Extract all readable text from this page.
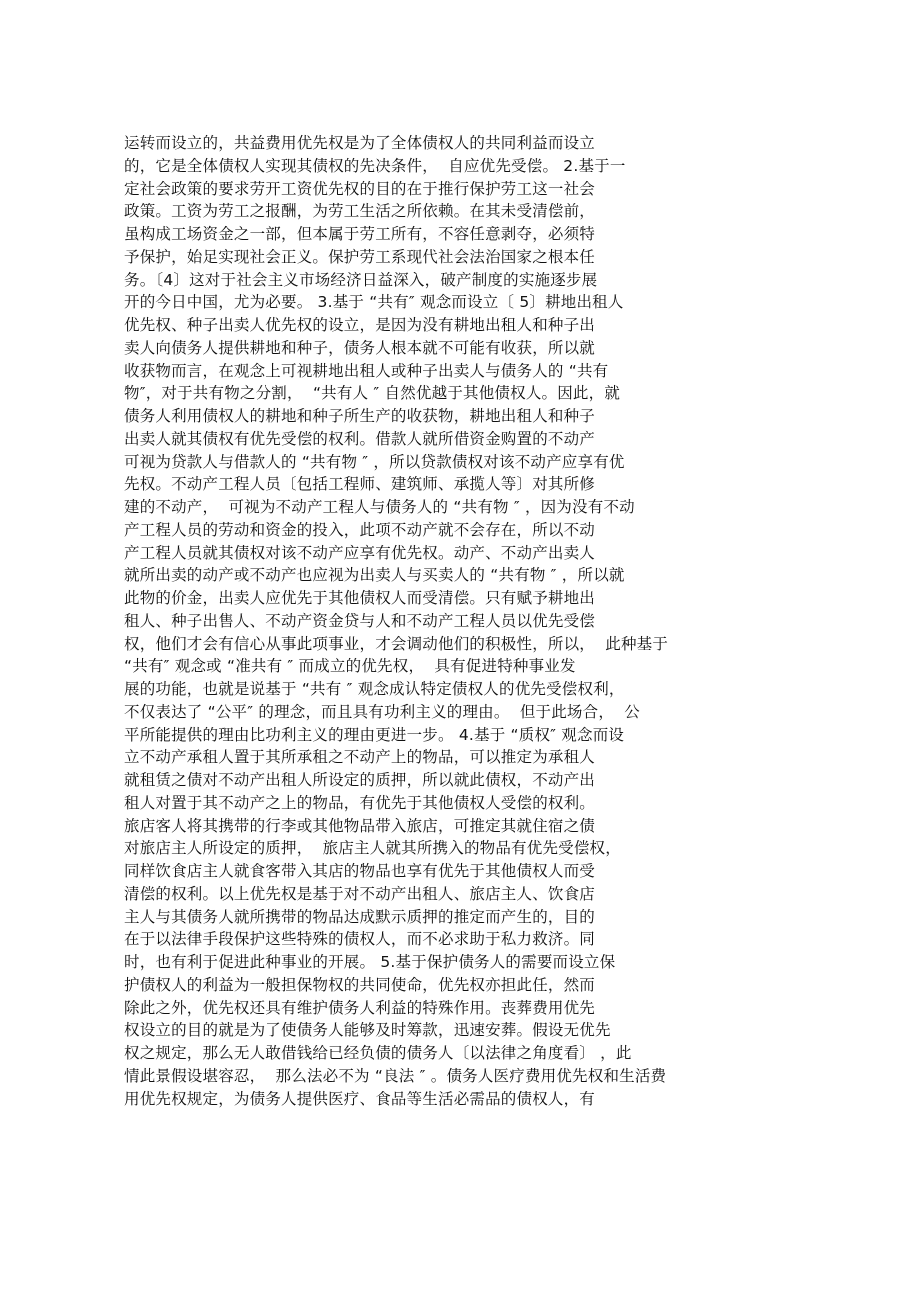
运转而设立的，共益费用优先权是为了全体债权人的共同利益而设立
的，它是全体债权人实现其债权的先决条件，  自应优先受偿。 2.基于一
定社会政策的要求劳开工资优先权的目的在于推行保护劳工这一社会
政策。工资为劳工之报酬，为劳工生活之所依赖。在其未受清偿前，
虽构成工场资金之一部，但本属于劳工所有，不容任意剥夺，必须特
予保护，始足实现社会正义。保护劳工系现代社会法治国家之根本任
务。〔4〕这对于社会主义市场经济日益深入，破产制度的实施逐步展
开的今日中国，尤为必要。 3.基于 “共有″ 观念而设立〔 5〕耕地出租人
优先权、种子出卖人优先权的设立，是因为没有耕地出租人和种子出
卖人向债务人提供耕地和种子，债务人根本就不可能有收获，所以就
收获物而言，在观念上可视耕地出租人或种子出卖人与债务人的 “共有
物″，对于共有物之分割，  “共有人 ″ 自然优越于其他债权人。因此，就
债务人利用债权人的耕地和种子所生产的收获物，耕地出租人和种子
出卖人就其债权有优先受偿的权利。借款人就所借资金购置的不动产
可视为贷款人与借款人的 “共有物 ″ ，所以贷款债权对该不动产应享有优
先权。不动产工程人员〔包括工程师、建筑师、承揽人等〕对其所修
建的不动产，  可视为不动产工程人与债务人的 “共有物 ″ ，因为没有不动
产工程人员的劳动和资金的投入，此项不动产就不会存在，所以不动
产工程人员就其债权对该不动产应享有优先权。动产、不动产出卖人
就所出卖的动产或不动产也应视为出卖人与买卖人的 “共有物 ″ ，所以就
此物的价金，出卖人应优先于其他债权人而受清偿。只有赋予耕地出
租人、种子出售人、不动产资金贷与人和不动产工程人员以优先受偿
权，他们才会有信心从事此项事业，才会调动他们的积极性，所以，  此种基于
“共有″ 观念或 “准共有 ″ 而成立的优先权，  具有促进特种事业发
展的功能，也就是说基于 “共有 ″ 观念成认特定债权人的优先受偿权利，
不仅表达了 “公平″ 的理念，而且具有功利主义的理由。  但于此场合，  公
平所能提供的理由比功利主义的理由更进一步。 4.基于 “质权″ 观念而设
立不动产承租人置于其所承租之不动产上的物品，可以推定为承租人
就租赁之债对不动产出租人所设定的质押，所以就此债权，不动产出
租人对置于其不动产之上的物品，有优先于其他债权人受偿的权利。
旅店客人将其携带的行李或其他物品带入旅店，可推定其就住宿之债
对旅店主人所设定的质押，  旅店主人就其所携入的物品有优先受偿权，
同样饮食店主人就食客带入其店的物品也享有优先于其他债权人而受
清偿的权利。以上优先权是基于对不动产出租人、旅店主人、饮食店
主人与其债务人就所携带的物品达成默示质押的推定而产生的，目的
在于以法律手段保护这些特殊的债权人，而不必求助于私力救济。同
时，也有利于促进此种事业的开展。 5.基于保护债务人的需要而设立保
护债权人的利益为一般担保物权的共同使命，优先权亦担此任，然而
除此之外，优先权还具有维护债务人利益的特殊作用。丧葬费用优先
权设立的目的就是为了使债务人能够及时筹款，迅速安葬。假设无优先
权之规定，那么无人敢借钱给已经负债的债务人〔以法律之角度看〕 ，此
情此景假设堪容忍，  那么法必不为 “良法 ″ 。债务人医疗费用优先权和生活费
用优先权规定，为债务人提供医疗、食品等生活必需品的债权人，有
